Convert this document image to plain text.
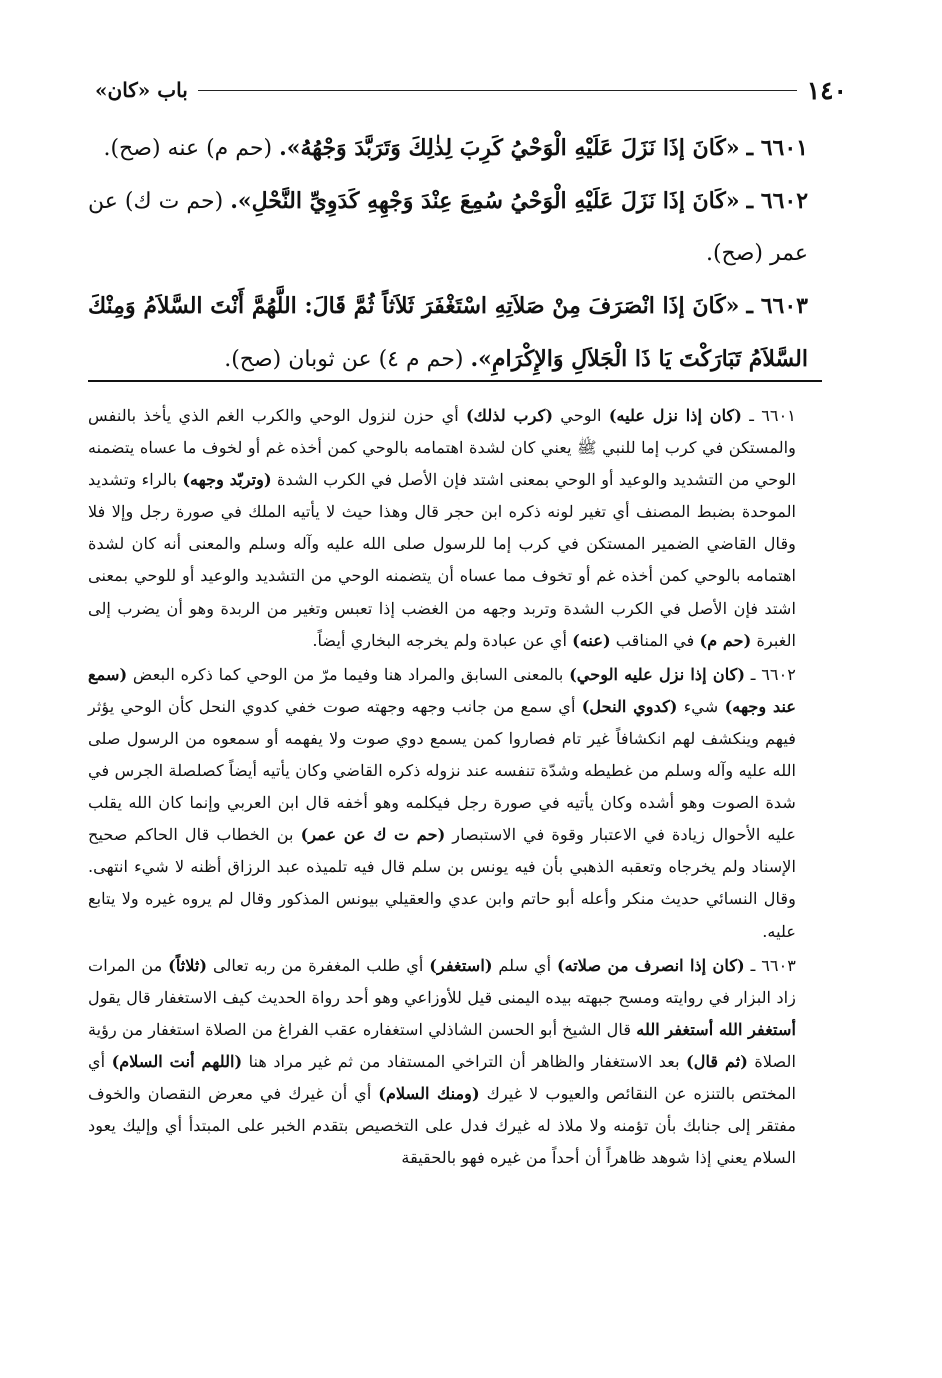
١٤٠
باب «كان»

٦٦٠١ ـ «كَانَ إذَا نَزَلَ عَلَيْهِ الْوَحْيُ كَرِبَ لِذٰلِكَ وَتَرَبَّدَ وَجْهُهُ». (حم م) عنه (صح).

٦٦٠٢ ـ «كَانَ إذَا نَزَلَ عَلَيْهِ الْوَحْيُ سُمِعَ عِنْدَ وَجْهِهِ كَدَوِيِّ النَّحْلِ». (حم ت ك) عن عمر (صح).

٦٦٠٣ ـ «كَانَ إذَا انْصَرَفَ مِنْ صَلاَتِهِ اسْتَغْفَرَ ثَلاَثاً ثُمَّ قَالَ: اللَّهُمَّ أَنْتَ السَّلاَمُ وَمِنْكَ السَّلاَمُ تَبَارَكْتَ يَا ذَا الْجَلاَلِ وَالإِكْرَامِ». (حم م ٤) عن ثوبان (صح).

٦٦٠١ ـ (كان إذا نزل عليه) الوحي (كرب لذلك) أي حزن لنزول الوحي والكرب الغم الذي يأخذ بالنفس والمستكن في كرب إما للنبي ﷺ يعني كان لشدة اهتمامه بالوحي كمن أخذه غم أو لخوف ما عساه يتضمنه الوحي من التشديد والوعيد أو الوحي بمعنى اشتد فإن الأصل في الكرب الشدة (وتربّد وجهه) بالراء وتشديد الموحدة بضبط المصنف أي تغير لونه ذكره ابن حجر قال وهذا حيث لا يأتيه الملك في صورة رجل وإلا فلا وقال القاضي الضمير المستكن في كرب إما للرسول صلى الله عليه وآله وسلم والمعنى أنه كان لشدة اهتمامه بالوحي كمن أخذه غم أو تخوف مما عساه أن يتضمنه الوحي من التشديد والوعيد أو للوحي بمعنى اشتد فإن الأصل في الكرب الشدة وتربد وجهه من الغضب إذا تعبس وتغير من الربدة وهو أن يضرب إلى الغبرة (حم م) في المناقب (عنه) أي عن عبادة ولم يخرجه البخاري أيضاً.

٦٦٠٢ ـ (كان إذا نزل عليه الوحي) بالمعنى السابق والمراد هنا وفيما مرّ من الوحي كما ذكره البعض (سمع عند وجهه) شيء (كدوي النحل) أي سمع من جانب وجهه وجهته صوت خفي كدوي النحل كأن الوحي يؤثر فيهم وينكشف لهم انكشافاً غير تام فصاروا كمن يسمع دوي صوت ولا يفهمه أو سمعوه من الرسول صلى الله عليه وآله وسلم من غطيطه وشدّة تنفسه عند نزوله ذكره القاضي وكان يأتيه أيضاً كصلصلة الجرس في شدة الصوت وهو أشده وكان يأتيه في صورة رجل فيكلمه وهو أخفه قال ابن العربي وإنما كان الله يقلب عليه الأحوال زيادة في الاعتبار وقوة في الاستبصار (حم ت ك عن عمر) بن الخطاب قال الحاكم صحيح الإسناد ولم يخرجاه وتعقبه الذهبي بأن فيه يونس بن سلم قال فيه تلميذه عبد الرزاق أظنه لا شيء انتهى. وقال النسائي حديث منكر وأعله أبو حاتم وابن عدي والعقيلي بيونس المذكور وقال لم يروه غيره ولا يتابع عليه.

٦٦٠٣ ـ (كان إذا انصرف من صلاته) أي سلم (استغفر) أي طلب المغفرة من ربه تعالى (ثلاثاً) من المرات زاد البزار في روايته ومسح جبهته بيده اليمنى قيل للأوزاعي وهو أحد رواة الحديث كيف الاستغفار قال يقول أستغفر الله أستغفر الله قال الشيخ أبو الحسن الشاذلي استغفاره عقب الفراغ من الصلاة استغفار من رؤية الصلاة (ثم قال) بعد الاستغفار والظاهر أن التراخي المستفاد من ثم غير مراد هنا (اللهم أنت السلام) أي المختص بالتنزه عن النقائص والعيوب لا غيرك (ومنك السلام) أي أن غيرك في معرض النقصان والخوف مفتقر إلى جنابك بأن تؤمنه ولا ملاذ له غيرك فدل على التخصيص بتقدم الخبر على المبتدأ أي وإليك يعود السلام يعني إذا شوهد ظاهراً أن أحداً من غيره فهو بالحقيقة
